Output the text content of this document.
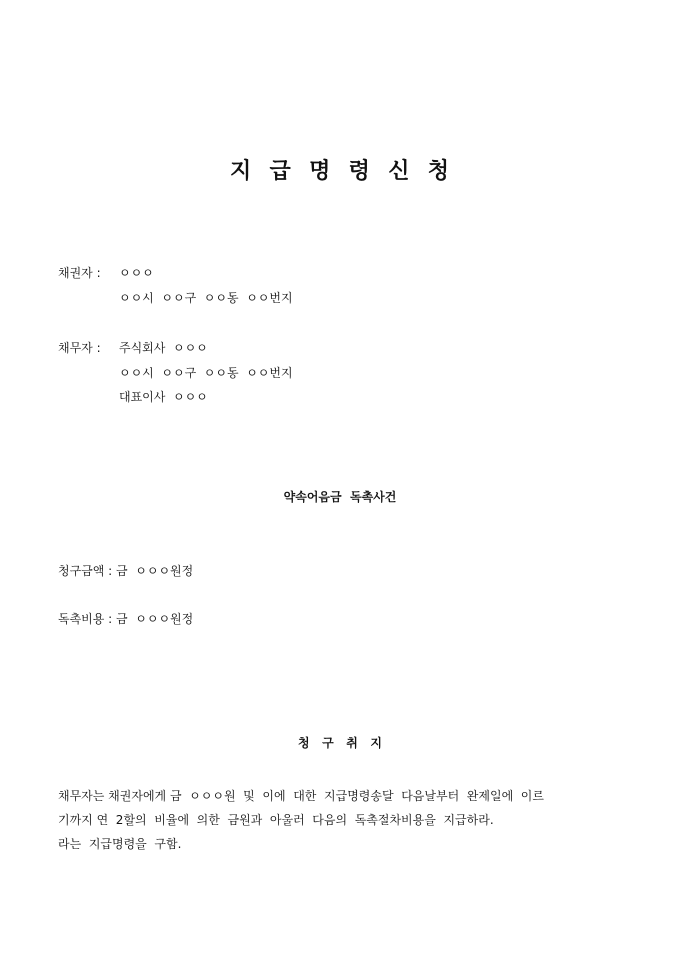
지  급  명  령  신  청
채권자 : ㅇㅇㅇ
ㅇㅇ시  ㅇㅇ구  ㅇㅇ동  ㅇㅇ번지
채무자 : 주식회사  ㅇㅇㅇ
ㅇㅇ시  ㅇㅇ구  ㅇㅇ동  ㅇㅇ번지
대표이사  ㅇㅇㅇ
약속어음금  독촉사건
청구금액 : 금  ㅇㅇㅇ원정
독촉비용 : 금  ㅇㅇㅇ원정
청   구   취   지
채무자는 채권자에게 금  ㅇㅇㅇ원  및  이에  대한  지급명령송달  다음날부터  완제일에  이르
기까지 연  2할의  비율에  의한  금원과  아울러  다음의  독촉절차비용을  지급하라.
라는  지급명령을  구함.
